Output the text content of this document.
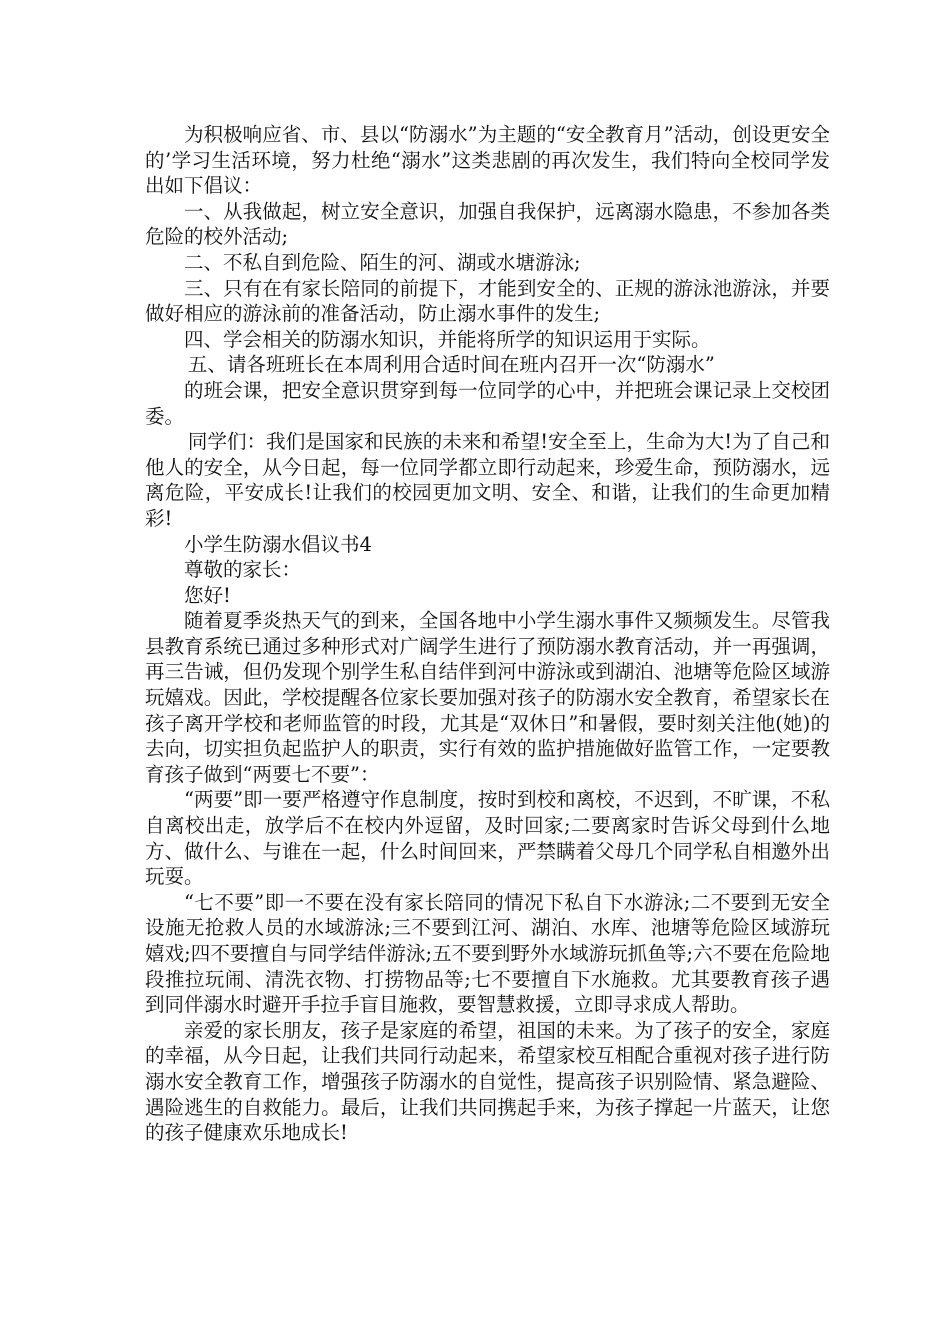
为积极响应省、市、县以“防溺水”为主题的“安全教育月”活动，创设更安全的’学习生活环境，努力杜绝“溺水”这类悲剧的再次发生，我们特向全校同学发出如下倡议：

一、从我做起，树立安全意识，加强自我保护，远离溺水隐患，不参加各类危险的校外活动;

二、不私自到危险、陌生的河、湖或水塘游泳;

三、只有在有家长陪同的前提下，才能到安全的、正规的游泳池游泳，并要做好相应的游泳前的准备活动，防止溺水事件的发生;

四、学会相关的防溺水知识，并能将所学的知识运用于实际。

五、请各班班长在本周利用合适时间在班内召开一次“防溺水”

的班会课，把安全意识贯穿到每一位同学的心中，并把班会课记录上交校团委。

同学们：我们是国家和民族的未来和希望!安全至上，生命为大!为了自己和他人的安全，从今日起，每一位同学都立即行动起来，珍爱生命，预防溺水，远离危险，平安成长!让我们的校园更加文明、安全、和谐，让我们的生命更加精彩!

小学生防溺水倡议书4

尊敬的家长：

您好!

随着夏季炎热天气的到来，全国各地中小学生溺水事件又频频发生。尽管我县教育系统已通过多种形式对广阔学生进行了预防溺水教育活动，并一再强调，再三告诫，但仍发现个别学生私自结伴到河中游泳或到湖泊、池塘等危险区域游玩嬉戏。因此，学校提醒各位家长要加强对孩子的防溺水安全教育，希望家长在孩子离开学校和老师监管的时段，尤其是“双休日”和暑假，要时刻关注他(她)的去向，切实担负起监护人的职责，实行有效的监护措施做好监管工作，一定要教育孩子做到“两要七不要”：

“两要”即一要严格遵守作息制度，按时到校和离校，不迟到，不旷课，不私自离校出走，放学后不在校内外逗留，及时回家;二要离家时告诉父母到什么地方、做什么、与谁在一起，什么时间回来，严禁瞒着父母几个同学私自相邀外出玩耍。

“七不要”即一不要在没有家长陪同的情况下私自下水游泳;二不要到无安全设施无抢救人员的水域游泳;三不要到江河、湖泊、水库、池塘等危险区域游玩嬉戏;四不要擅自与同学结伴游泳;五不要到野外水域游玩抓鱼等;六不要在危险地段推拉玩闹、清洗衣物、打捞物品等;七不要擅自下水施救。尤其要教育孩子遇到同伴溺水时避开手拉手盲目施救，要智慧救援，立即寻求成人帮助。

亲爱的家长朋友，孩子是家庭的希望，祖国的未来。为了孩子的安全，家庭的幸福，从今日起，让我们共同行动起来，希望家校互相配合重视对孩子进行防溺水安全教育工作，增强孩子防溺水的自觉性，提高孩子识别险情、紧急避险、遇险逃生的自救能力。最后，让我们共同携起手来，为孩子撑起一片蓝天，让您的孩子健康欢乐地成长!
